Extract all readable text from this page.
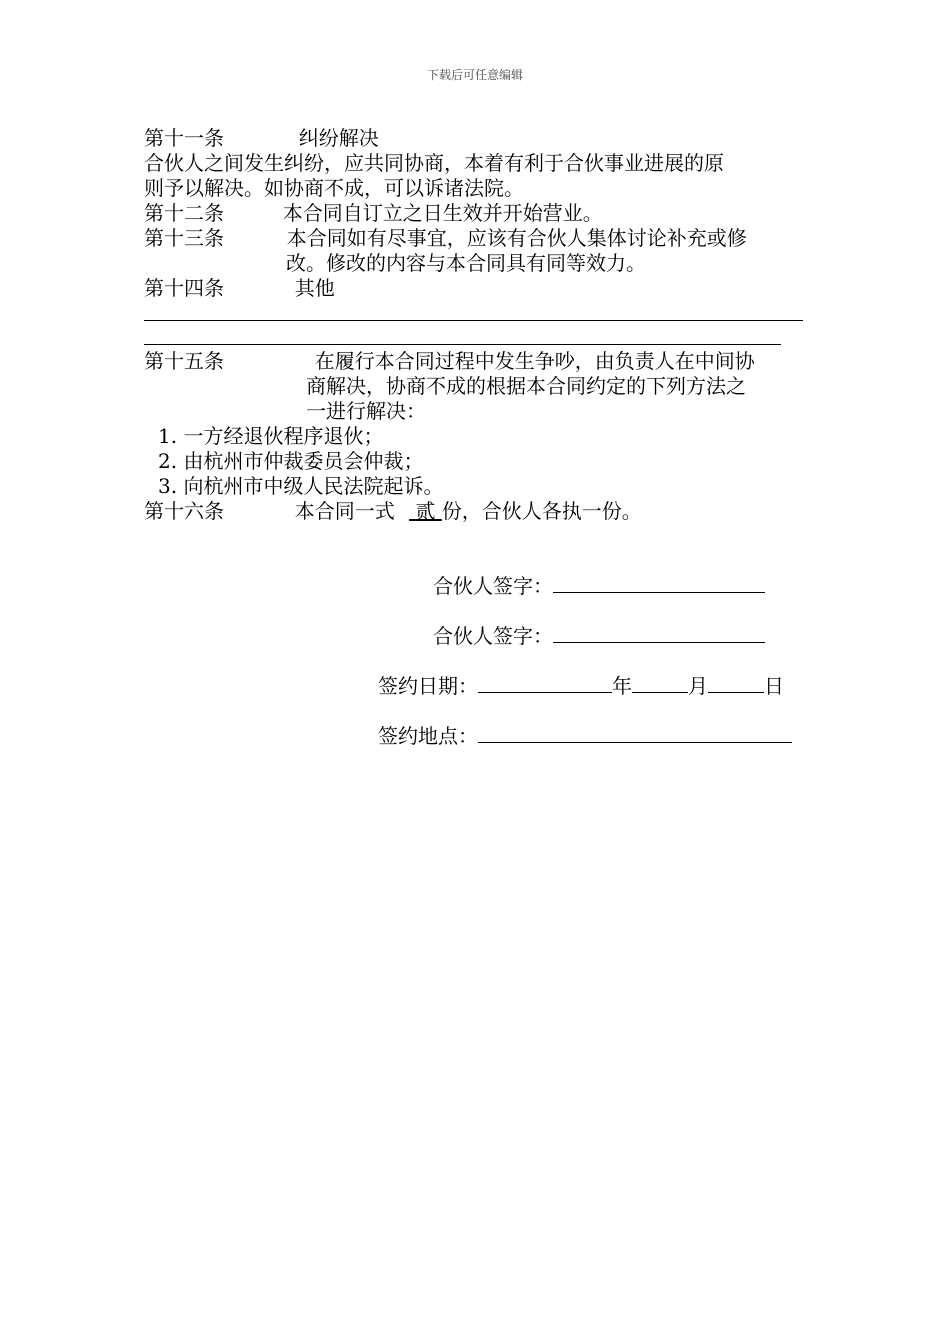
下载后可任意编辑
第十一条	纠纷解决
合伙人之间发生纠纷，应共同协商，本着有利于合伙事业进展的原
则予以解决。如协商不成，可以诉诸法院。
第十二条	本合同自订立之日生效并开始营业。
第十三条	本合同如有尽事宜，应该有合伙人集体讨论补充或修
改。修改的内容与本合同具有同等效力。
第十四条	其他
第十五条	在履行本合同过程中发生争吵，由负责人在中间协
商解决，协商不成的根据本合同约定的下列方法之
一进行解决：
1. 一方经退伙程序退伙；
2. 由杭州市仲裁委员会仲裁；
3. 向杭州市中级人民法院起诉。
第十六条	本合同一式 贰 份，合伙人各执一份。
合伙人签字：
合伙人签字：
签约日期：	年	月	日
签约地点：
